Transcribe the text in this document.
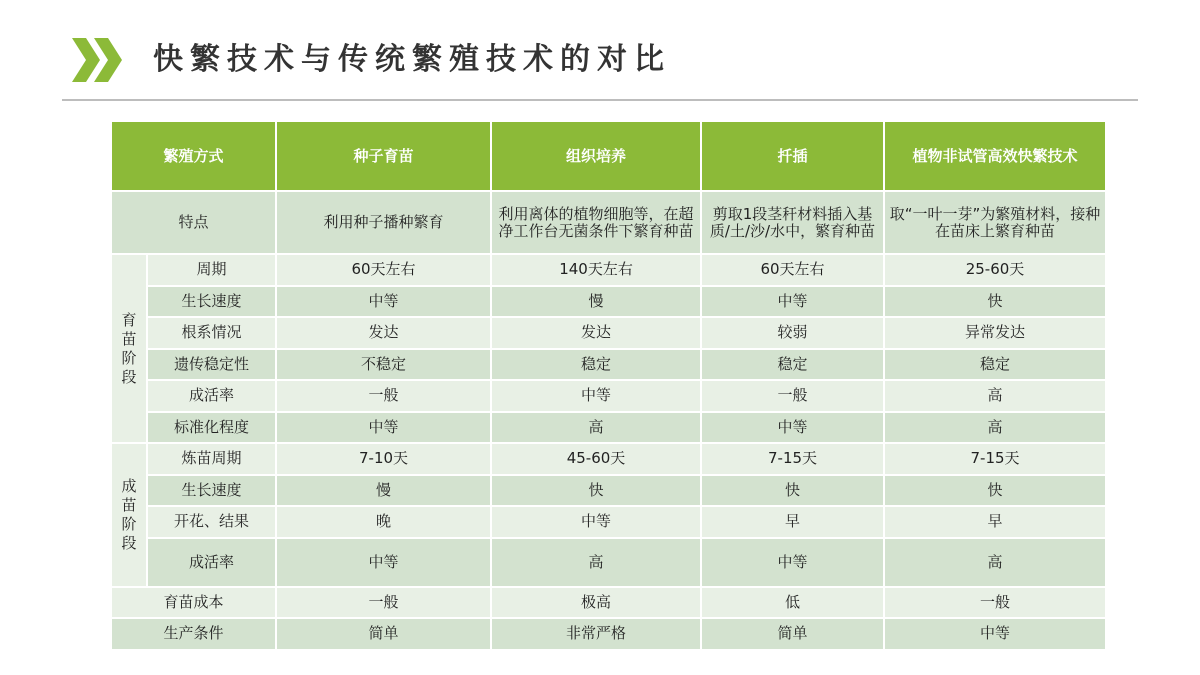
快繁技术与传统繁殖技术的对比
繁殖方式		种子育苗	组织培养	扦插	植物非试管高效快繁技术
特点		利用种子播种繁育	利用离体的植物细胞等，在超净工作台无菌条件下繁育种苗	剪取1段茎秆材料插入基质/土/沙/水中，繁育种苗	取“一叶一芽”为繁殖材料，接种在苗床上繁育种苗
育苗阶段	周期	60天左右	140天左右	60天左右	25-60天
	生长速度	中等	慢	中等	快
	根系情况	发达	发达	较弱	异常发达
	遗传稳定性	不稳定	稳定	稳定	稳定
	成活率	一般	中等	一般	高
	标准化程度	中等	高	中等	高
成苗阶段	炼苗周期	7-10天	45-60天	7-15天	7-15天
	生长速度	慢	快	快	快
	开花、结果	晚	中等	早	早
	成活率	中等	高	中等	高
育苗成本		一般	极高	低	一般
生产条件		简单	非常严格	简单	中等
